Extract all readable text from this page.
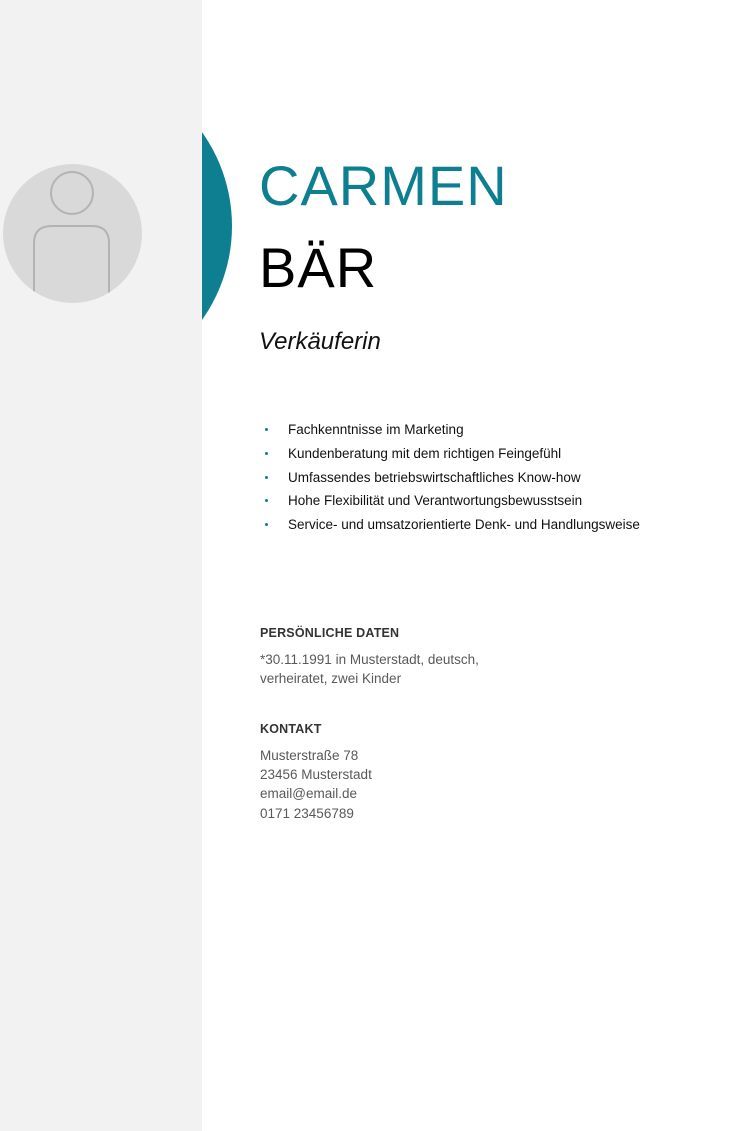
CARMEN
BÄR
Verkäuferin
Fachkenntnisse im Marketing
Kundenberatung mit dem richtigen Feingefühl
Umfassendes betriebswirtschaftliches Know-how
Hohe Flexibilität und Verantwortungsbewusstsein
Service- und umsatzorientierte Denk- und Handlungsweise
PERSÖNLICHE DATEN

*30.11.1991 in Musterstadt, deutsch,
verheiratet, zwei Kinder

KONTAKT

Musterstraße 78
23456 Musterstadt
email@email.de
0171 23456789
